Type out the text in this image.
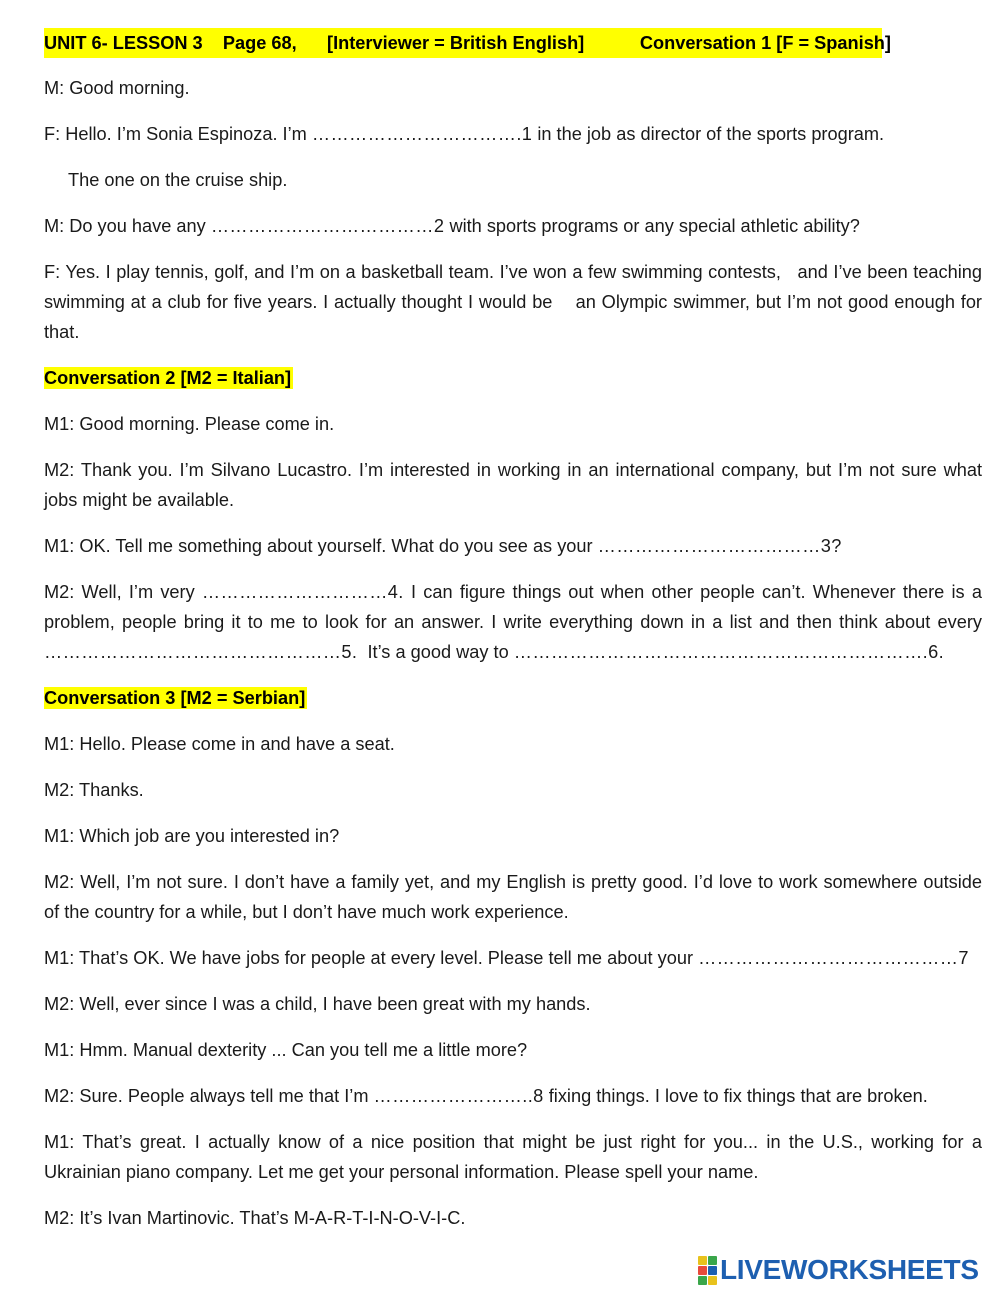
UNIT 6- LESSON 3 Page 68, [Interviewer = British English]	Conversation 1 [F = Spanish]

M: Good morning.

F: Hello. I’m Sonia Espinoza. I’m …………………………….1 in the job as director of the sports program.

The one on the cruise ship.

M: Do you have any ………………………………2 with sports programs or any special athletic ability?

F: Yes. I play tennis, golf, and I’m on a basketball team. I’ve won a few swimming contests,   and I’ve been teaching swimming at a club for five years. I actually thought I would be    an Olympic swimmer, but I’m not good enough for that.

Conversation 2 [M2 = Italian]

M1: Good morning. Please come in.

M2: Thank you. I’m Silvano Lucastro. I’m interested in working in an international company, but I’m not sure what jobs might be available.

M1: OK. Tell me something about yourself. What do you see as your ………………………………3?

M2: Well, I’m very …………………………4. I can figure things out when other people can’t. Whenever there is a problem, people bring it to me to look for an answer. I write everything down in a list and then think about every …………………………………………5.  It’s a good way to ………………………………………………………….6.

Conversation 3 [M2 = Serbian]

M1: Hello. Please come in and have a seat.

M2: Thanks.

M1: Which job are you interested in?

M2: Well, I’m not sure. I don’t have a family yet, and my English is pretty good. I’d love to work somewhere outside of the country for a while, but I don’t have much work experience.

M1: That’s OK. We have jobs for people at every level. Please tell me about your ……………………………………7

M2: Well, ever since I was a child, I have been great with my hands.

M1: Hmm. Manual dexterity ... Can you tell me a little more?

M2: Sure. People always tell me that I’m ……………………..8 fixing things. I love to fix things that are broken.

M1: That’s great. I actually know of a nice position that might be just right for you... in the U.S., working for a Ukrainian piano company. Let me get your personal information. Please spell your name.

M2: It’s Ivan Martinovic. That’s M-A-R-T-I-N-O-V-I-C.

LIVEWORKSHEETS
